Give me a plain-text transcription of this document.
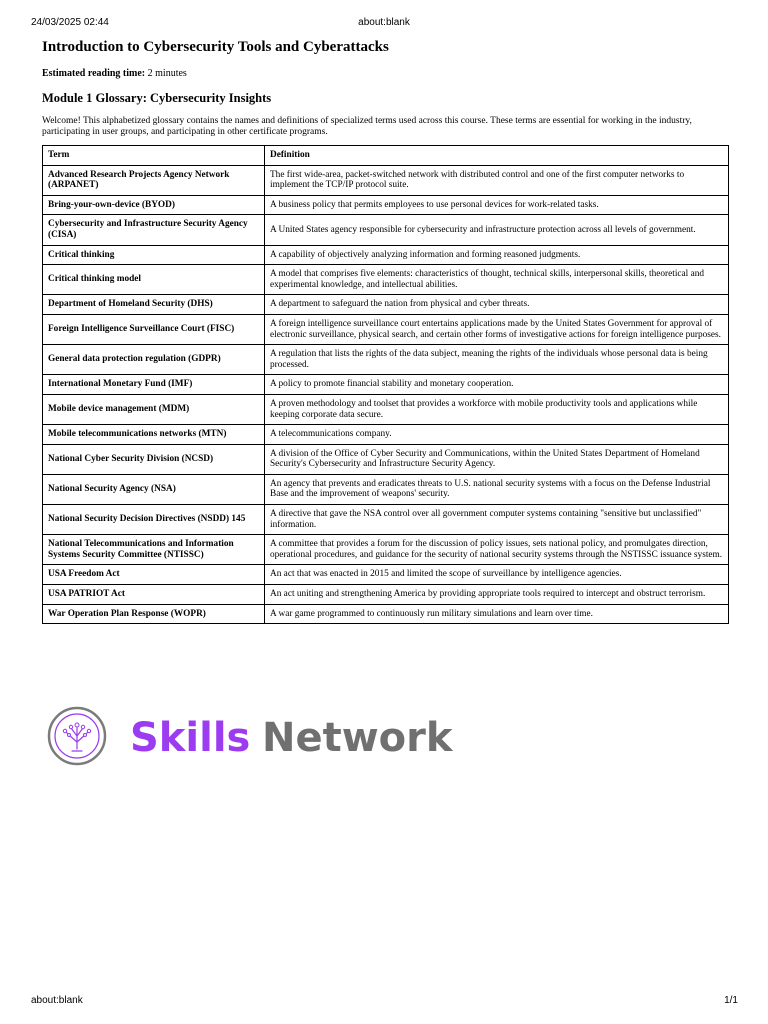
24/03/2025 02:44	about:blank
Introduction to Cybersecurity Tools and Cyberattacks

Estimated reading time: 2 minutes

Module 1 Glossary: Cybersecurity Insights

Welcome! This alphabetized glossary contains the names and definitions of specialized terms used across this course. These terms are essential for working in the industry, participating in user groups, and participating in other certificate programs.

Term	Definition
Advanced Research Projects Agency Network (ARPANET)	The first wide-area, packet-switched network with distributed control and one of the first computer networks to implement the TCP/IP protocol suite.
Bring-your-own-device (BYOD)	A business policy that permits employees to use personal devices for work-related tasks.
Cybersecurity and Infrastructure Security Agency (CISA)	A United States agency responsible for cybersecurity and infrastructure protection across all levels of government.
Critical thinking	A capability of objectively analyzing information and forming reasoned judgments.
Critical thinking model	A model that comprises five elements: characteristics of thought, technical skills, interpersonal skills, theoretical and experimental knowledge, and intellectual abilities.
Department of Homeland Security (DHS)	A department to safeguard the nation from physical and cyber threats.
Foreign Intelligence Surveillance Court (FISC)	A foreign intelligence surveillance court entertains applications made by the United States Government for approval of electronic surveillance, physical search, and certain other forms of investigative actions for foreign intelligence purposes.
General data protection regulation (GDPR)	A regulation that lists the rights of the data subject, meaning the rights of the individuals whose personal data is being processed.
International Monetary Fund (IMF)	A policy to promote financial stability and monetary cooperation.
Mobile device management (MDM)	A proven methodology and toolset that provides a workforce with mobile productivity tools and applications while keeping corporate data secure.
Mobile telecommunications networks (MTN)	A telecommunications company.
National Cyber Security Division (NCSD)	A division of the Office of Cyber Security and Communications, within the United States Department of Homeland Security's Cybersecurity and Infrastructure Security Agency.
National Security Agency (NSA)	An agency that prevents and eradicates threats to U.S. national security systems with a focus on the Defense Industrial Base and the improvement of weapons' security.
National Security Decision Directives (NSDD) 145	A directive that gave the NSA control over all government computer systems containing "sensitive but unclassified" information.
National Telecommunications and Information Systems Security Committee (NTISSC)	A committee that provides a forum for the discussion of policy issues, sets national policy, and promulgates direction, operational procedures, and guidance for the security of national security systems through the NSTISSC issuance system.
USA Freedom Act	An act that was enacted in 2015 and limited the scope of surveillance by intelligence agencies.
USA PATRIOT Act	An act uniting and strengthening America by providing appropriate tools required to intercept and obstruct terrorism.
War Operation Plan Response (WOPR)	A war game programmed to continuously run military simulations and learn over time.
Skills Network
about:blank	1/1
